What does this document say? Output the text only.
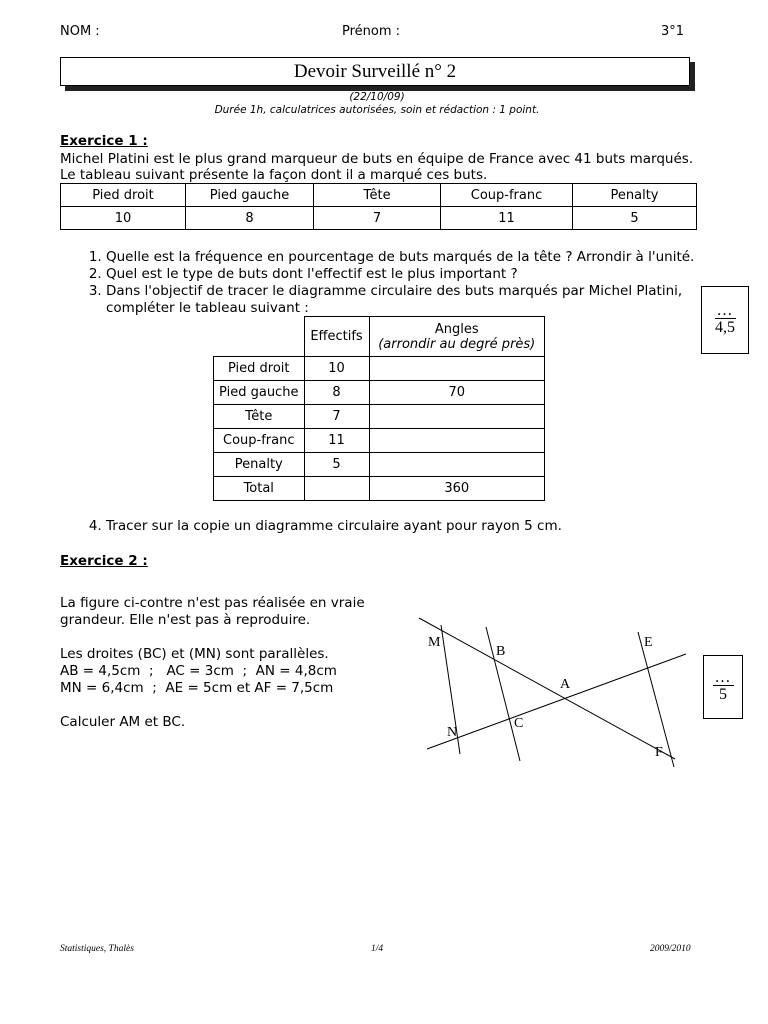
NOM :	Prénom :	3°1
Devoir Surveillé n° 2
(22/10/09)
Durée 1h, calculatrices autorisées, soin et rédaction : 1 point.
Exercice 1 :
Michel Platini est le plus grand marqueur de buts en équipe de France avec 41 buts marqués.
Le tableau suivant présente la façon dont il a marqué ces buts.
Pied droit	Pied gauche	Tête	Coup-franc	Penalty
10	8	7	11	5
1. Quelle est la fréquence en pourcentage de buts marqués de la tête ? Arrondir à l'unité.
2. Quel est le type de buts dont l'effectif est le plus important ?
3. Dans l'objectif de tracer le diagramme circulaire des buts marqués par Michel Platini,
compléter le tableau suivant :
	Effectifs	Angles
(arrondir au degré près)

Pied droit	10	
Pied gauche	8	70
Tête	7	
Coup-franc	11	
Penalty	5	
Total		360
4. Tracer sur la copie un diagramme circulaire ayant pour rayon 5 cm.
…
4,5
Exercice 2 :
La figure ci-contre n'est pas réalisée en vraie
grandeur. Elle n'est pas à reproduire.
Les droites (BC) et (MN) sont parallèles.
AB = 4,5cm  ;   AC = 3cm  ;  AN = 4,8cm
MN = 6,4cm  ;  AE = 5cm et AF = 7,5cm
Calculer AM et BC.
M
B
E
A
N
C
F
…
5
Statistiques, Thalès	1/4	2009/2010
